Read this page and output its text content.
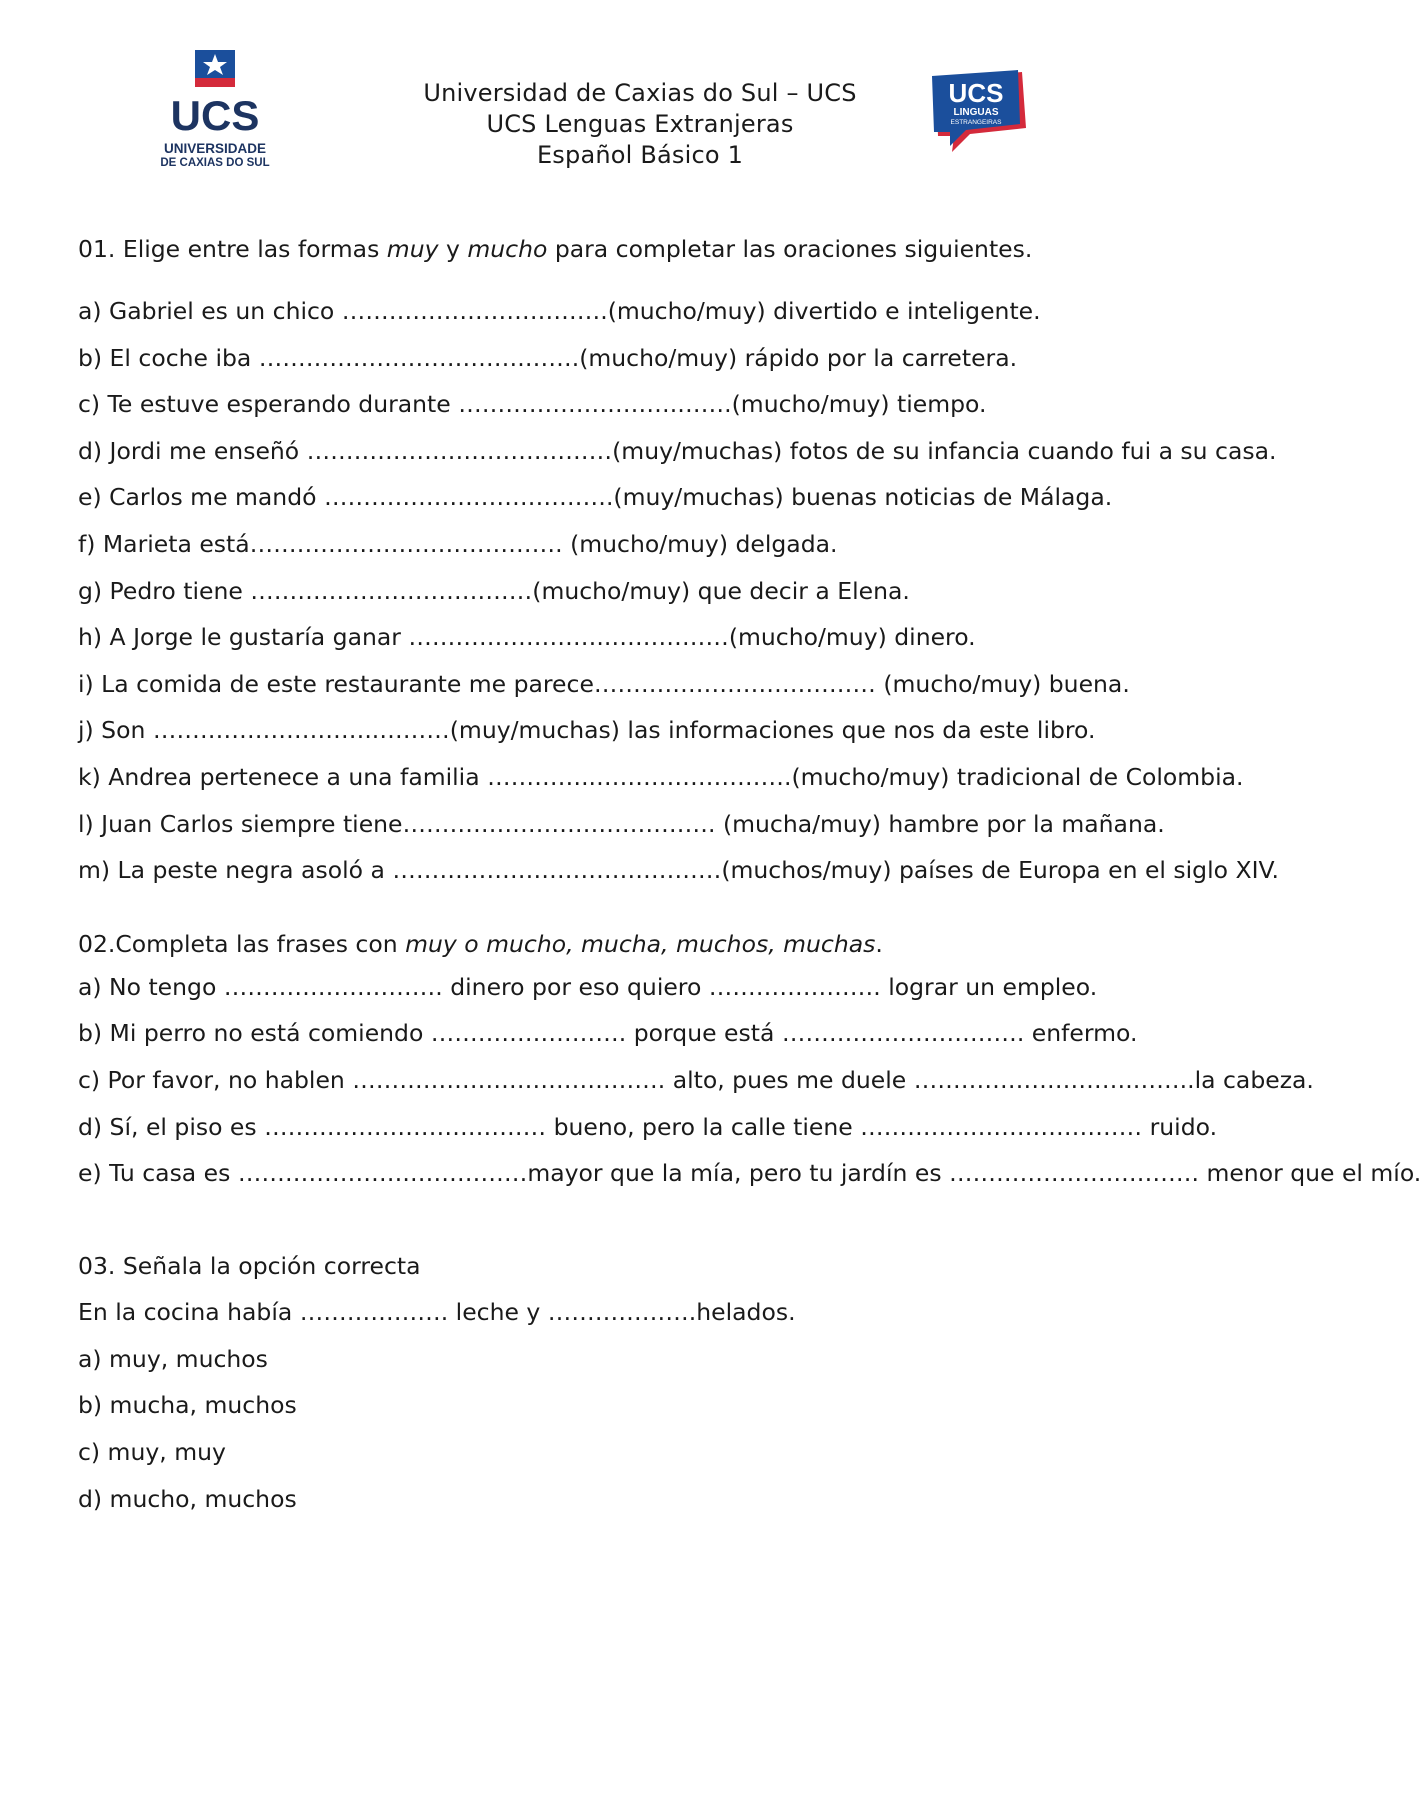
UCS
UNIVERSIDADE
DE CAXIAS DO SUL
Universidad de Caxias do Sul – UCS
UCS Lenguas Extranjeras
Español Básico 1
UCS
LINGUAS
ESTRANGEIRAS
01. Elige entre las formas muy y mucho para completar las oraciones siguientes.
a) Gabriel es un chico …………………………….(mucho/muy) divertido e inteligente.
b) El coche iba …………………………….…….(mucho/muy) rápido por la carretera.
c) Te estuve esperando durante ……………………….…….(mucho/muy) tiempo.
d) Jordi me enseñó …………………………………(muy/muchas) fotos de su infancia cuando fui a su casa.
e) Carlos me mandó ……………………………….(muy/muchas) buenas noticias de Málaga.
f) Marieta está…………………………………. (mucho/muy) delgada.
g) Pedro tiene ………………………………(mucho/muy) que decir a Elena.
h) A Jorge le gustaría ganar ……………………..……………(mucho/muy) dinero.
i) La comida de este restaurante me parece……………………………… (mucho/muy) buena.
j) Son ………………………..………(muy/muchas) las informaciones que nos da este libro.
k) Andrea pertenece a una familia …………..…………………….(mucho/muy) tradicional de Colombia.
l) Juan Carlos siempre tiene…………………………………. (mucha/muy) hambre por la mañana.
m) La peste negra asoló a ……………………………………(muchos/muy) países de Europa en el siglo XIV.
02.Completa las frases con muy o mucho, mucha, muchos, muchas.
a) No tengo ………………………. dinero por eso quiero …………………. lograr un empleo.
b) Mi perro no está comiendo ……………………. porque está …………………………. enfermo.
c) Por favor, no hablen …………………………………. alto, pues me duele ……………………….……..la cabeza.
d) Sí, el piso es ……………………………… bueno, pero la calle tiene ……………………………… ruido.
e) Tu casa es ………………….……………mayor que la mía, pero tu jardín es ………………….………. menor que el mío.
03. Señala la opción correcta
En la cocina había ………………. leche y ……………….helados.
a) muy, muchos
b) mucha, muchos
c) muy, muy
d) mucho, muchos
